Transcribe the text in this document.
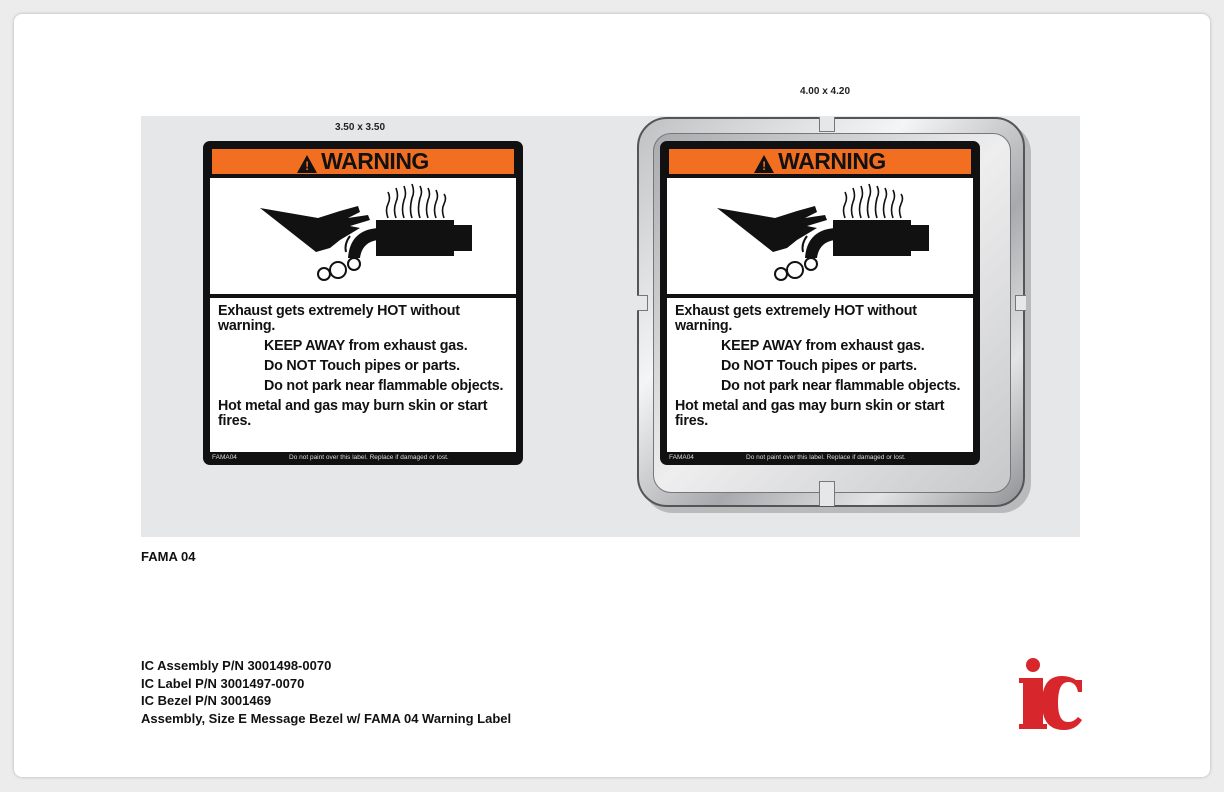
3.50 x 3.50
4.00 x 4.20
!
WARNING

Exhaust gets extremely HOT without warning.

KEEP AWAY from exhaust gas.

Do NOT Touch pipes or parts.

Do not park near flammable objects.

Hot metal and gas may burn skin or start fires.

FAMA04	Do not paint over this label. Replace if damaged or lost.
!
WARNING

Exhaust gets extremely HOT without warning.

KEEP AWAY from exhaust gas.

Do NOT Touch pipes or parts.

Do not park near flammable objects.

Hot metal and gas may burn skin or start fires.

FAMA04	Do not paint over this label. Replace if damaged or lost.
FAMA 04
IC Assembly P/N 3001498-0070
IC Label P/N 3001497-0070
IC Bezel P/N 3001469
Assembly, Size E Message Bezel w/ FAMA 04 Warning Label
